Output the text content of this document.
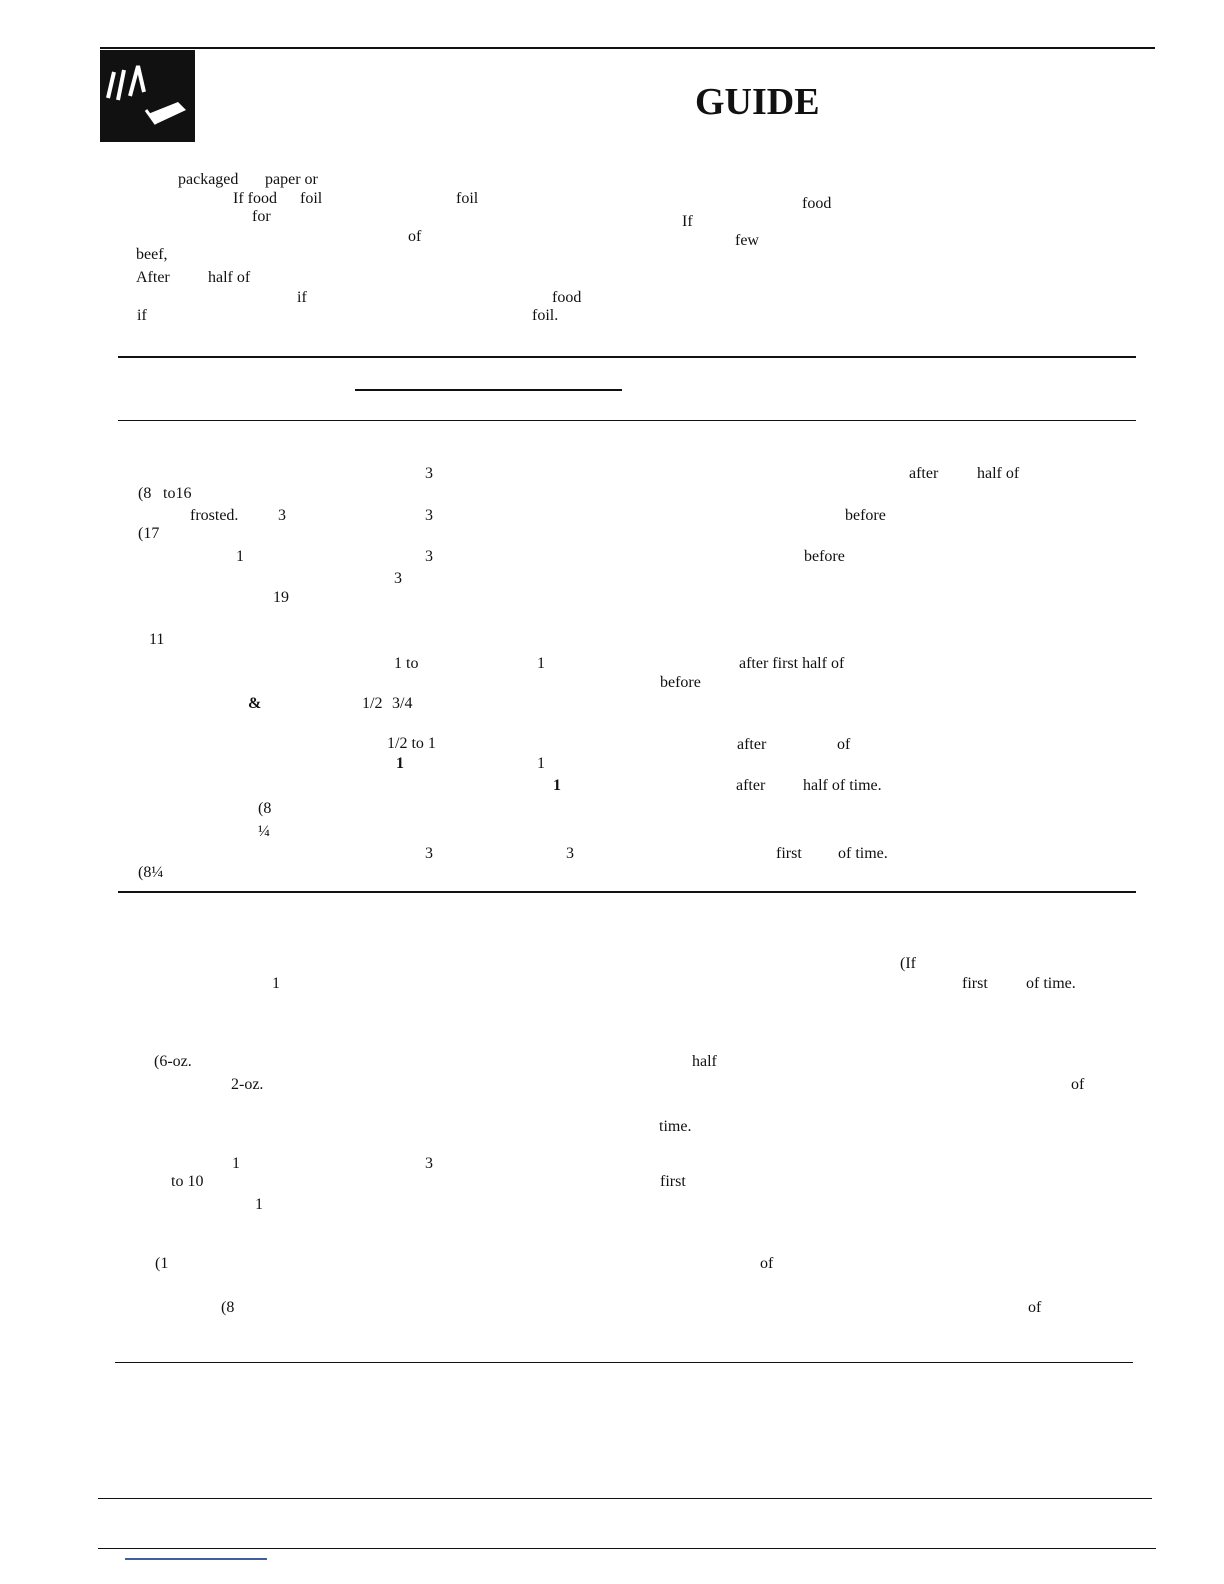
GUIDE
packaged paper or
If food foil	foil	food
for	If
of	few
beef,
After half of
if	food
if	foil.
3	after half of
(8 to16
frosted. 3	3	before
(17
1	3	before
3
19
11
1 to	1	after first half of
before
&	1/2 3/4
1/2 to 1	after	of
1	1
1	after half of time.
(8
¼
3	3	first of time.
(8¼
(If
1	first of time.
(6-oz.	half
2-oz.	of
time.
1	3
to 10	first
1
(1	of
(8	of
